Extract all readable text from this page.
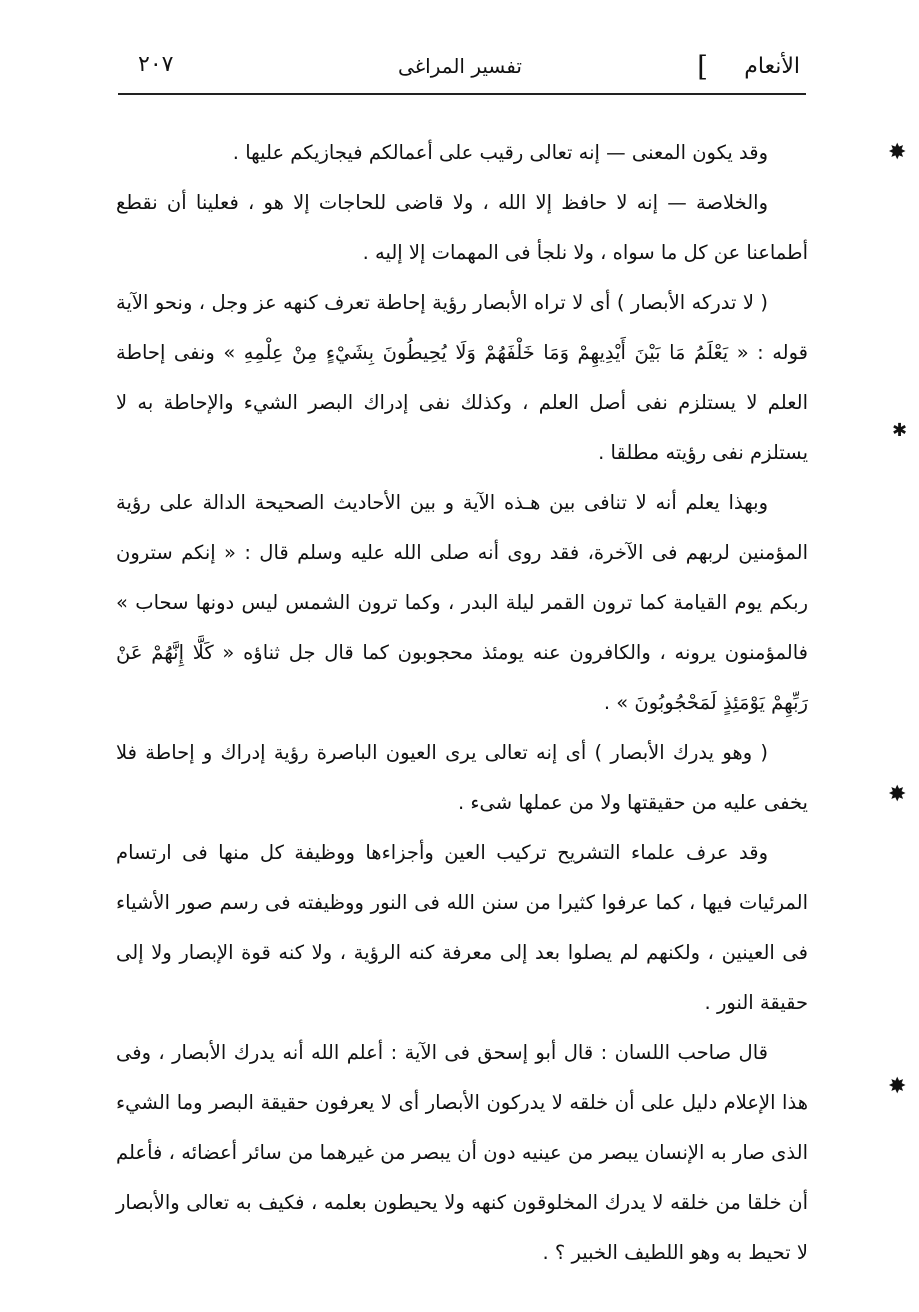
الأنعام
]
تفسير المراغى
٢٠٧

وقد يكون المعنى — إنه تعالى رقيب على أعمالكم فيجازيكم عليها .

والخلاصة — إنه لا حافظ إلا الله ، ولا قاضى للحاجات إلا هو ، فعلينا أن نقطع أطماعنا عن كل ما سواه ، ولا نلجأ فى المهمات إلا إليه .

( لا تدركه الأبصار ) أى لا تراه الأبصار رؤية إحاطة تعرف كنهه عز وجل ، ونحو الآية قوله : « يَعْلَمُ مَا بَيْنَ أَيْدِيهِمْ وَمَا خَلْفَهُمْ وَلَا يُحِيطُونَ بِشَيْءٍ مِنْ عِلْمِهِ » ونفى إحاطة العلم لا يستلزم نفى أصل العلم ، وكذلك نفى إدراك البصر الشيء والإحاطة به لا يستلزم نفى رؤيته مطلقا .

وبهذا يعلم أنه لا تنافى بين هـذه الآية و بين الأحاديث الصحيحة الدالة على رؤية المؤمنين لربهم فى الآخرة، فقد روى أنه صلى الله عليه وسلم قال : « إنكم سترون ربكم يوم القيامة كما ترون القمر ليلة البدر ، وكما ترون الشمس ليس دونها سحاب » فالمؤمنون يرونه ، والكافرون عنه يومئذ محجوبون كما قال جل ثناؤه « كَلَّا إِنَّهُمْ عَنْ رَبِّهِمْ يَوْمَئِذٍ لَمَحْجُوبُونَ » .

( وهو يدرك الأبصار ) أى إنه تعالى يرى العيون الباصرة رؤية إدراك و إحاطة فلا يخفى عليه من حقيقتها ولا من عملها شىء .

وقد عرف علماء التشريح تركيب العين وأجزاءها ووظيفة كل منها فى ارتسام المرئيات فيها ، كما عرفوا كثيرا من سنن الله فى النور ووظيفته فى رسم صور الأشياء فى العينين ، ولكنهم لم يصلوا بعد إلى معرفة كنه الرؤية ، ولا كنه قوة الإبصار ولا إلى حقيقة النور .

قال صاحب اللسان : قال أبو إسحق فى الآية : أعلم الله أنه يدرك الأبصار ، وفى هذا الإعلام دليل على أن خلقه لا يدركون الأبصار أى لا يعرفون حقيقة البصر وما الشيء الذى صار به الإنسان يبصر من عينيه دون أن يبصر من غيرهما من سائر أعضائه ، فأعلم أن خلقا من خلقه لا يدرك المخلوقون كنهه ولا يحيطون بعلمه ، فكيف به تعالى والأبصار لا تحيط به وهو اللطيف الخبير ؟ .

✸
✱
✸
✸
